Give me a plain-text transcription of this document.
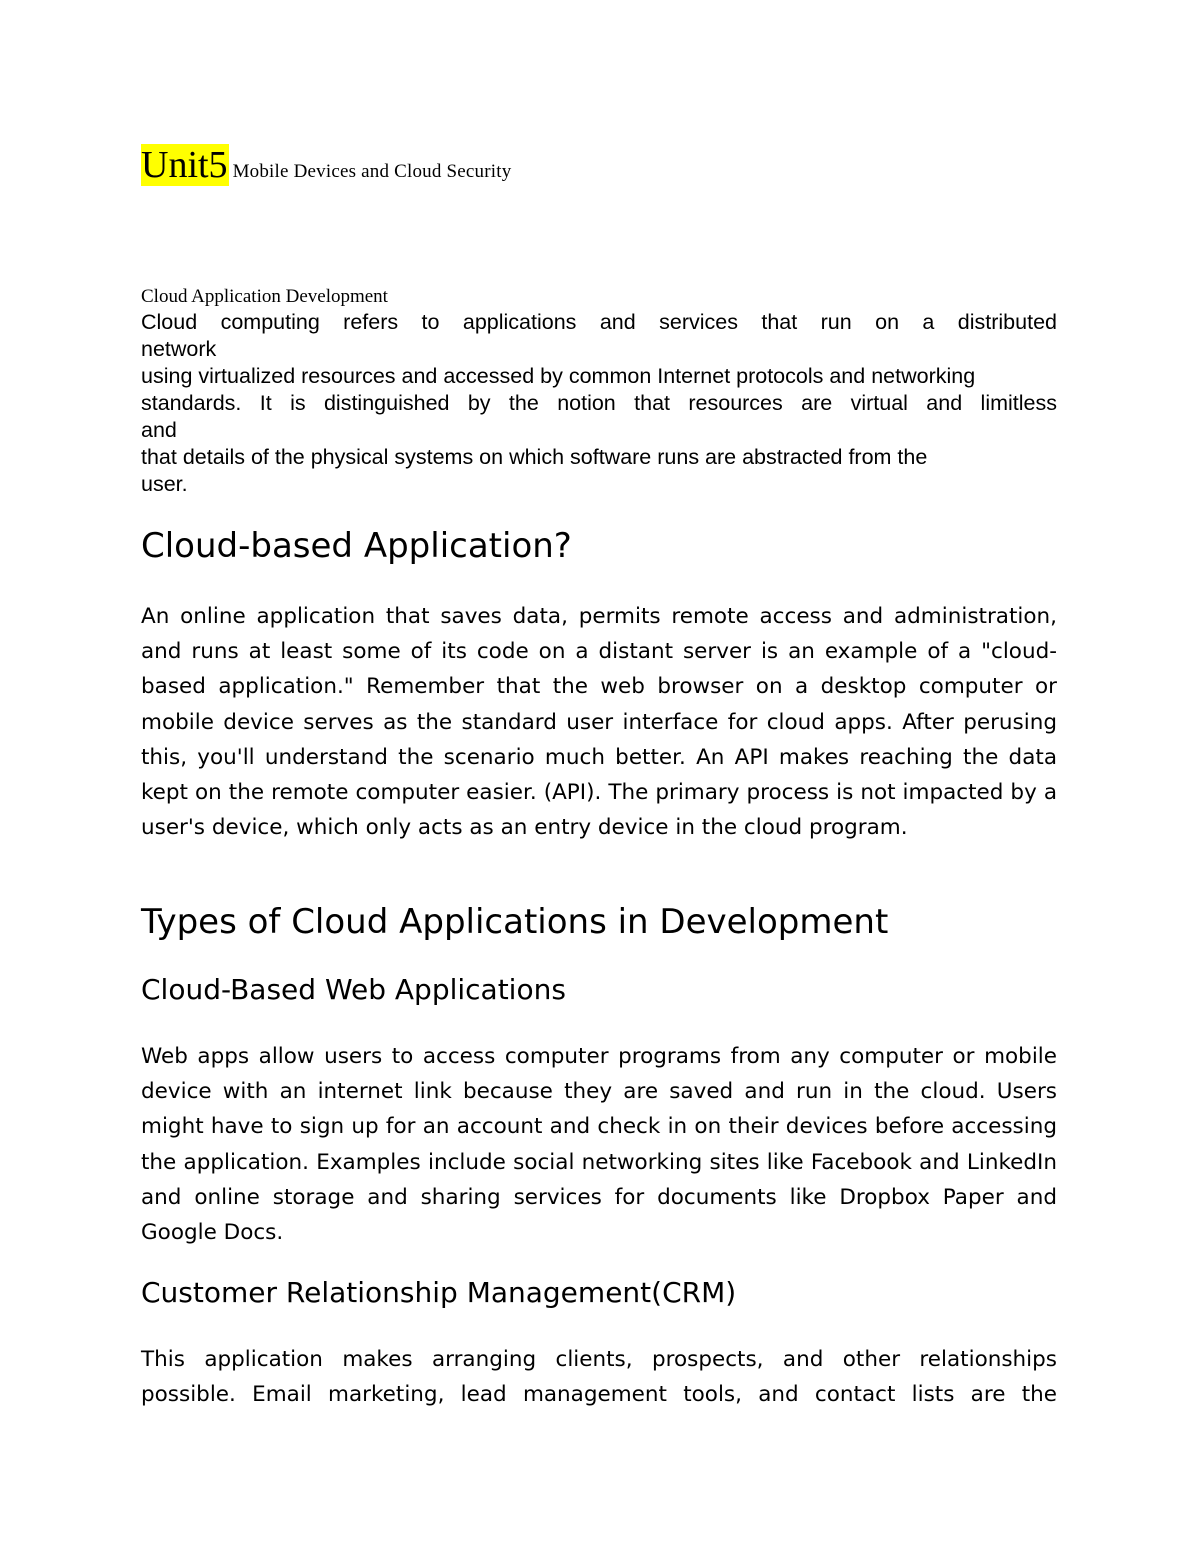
Unit5 Mobile Devices and Cloud Security
Cloud Application Development
Cloud computing refers to applications and services that run on a distributed
network
using virtualized resources and accessed by common Internet protocols and networking
standards. It is distinguished by the notion that resources are virtual and limitless
and
that details of the physical systems on which software runs are abstracted from the
user.
Cloud-based Application?
An online application that saves data, permits remote access and administration, and runs at least some of its code on a distant server is an example of a "cloud-based application." Remember that the web browser on a desktop computer or mobile device serves as the standard user interface for cloud apps. After perusing this, you'll understand the scenario much better. An API makes reaching the data kept on the remote computer easier. (API). The primary process is not impacted by a user's device, which only acts as an entry device in the cloud program.
Types of Cloud Applications in Development
Cloud-Based Web Applications
Web apps allow users to access computer programs from any computer or mobile device with an internet link because they are saved and run in the cloud. Users might have to sign up for an account and check in on their devices before accessing the application. Examples include social networking sites like Facebook and LinkedIn and online storage and sharing services for documents like Dropbox Paper and Google Docs.
Customer Relationship Management(CRM)
This application makes arranging clients, prospects, and other relationships possible. Email marketing, lead management tools, and contact lists are the
